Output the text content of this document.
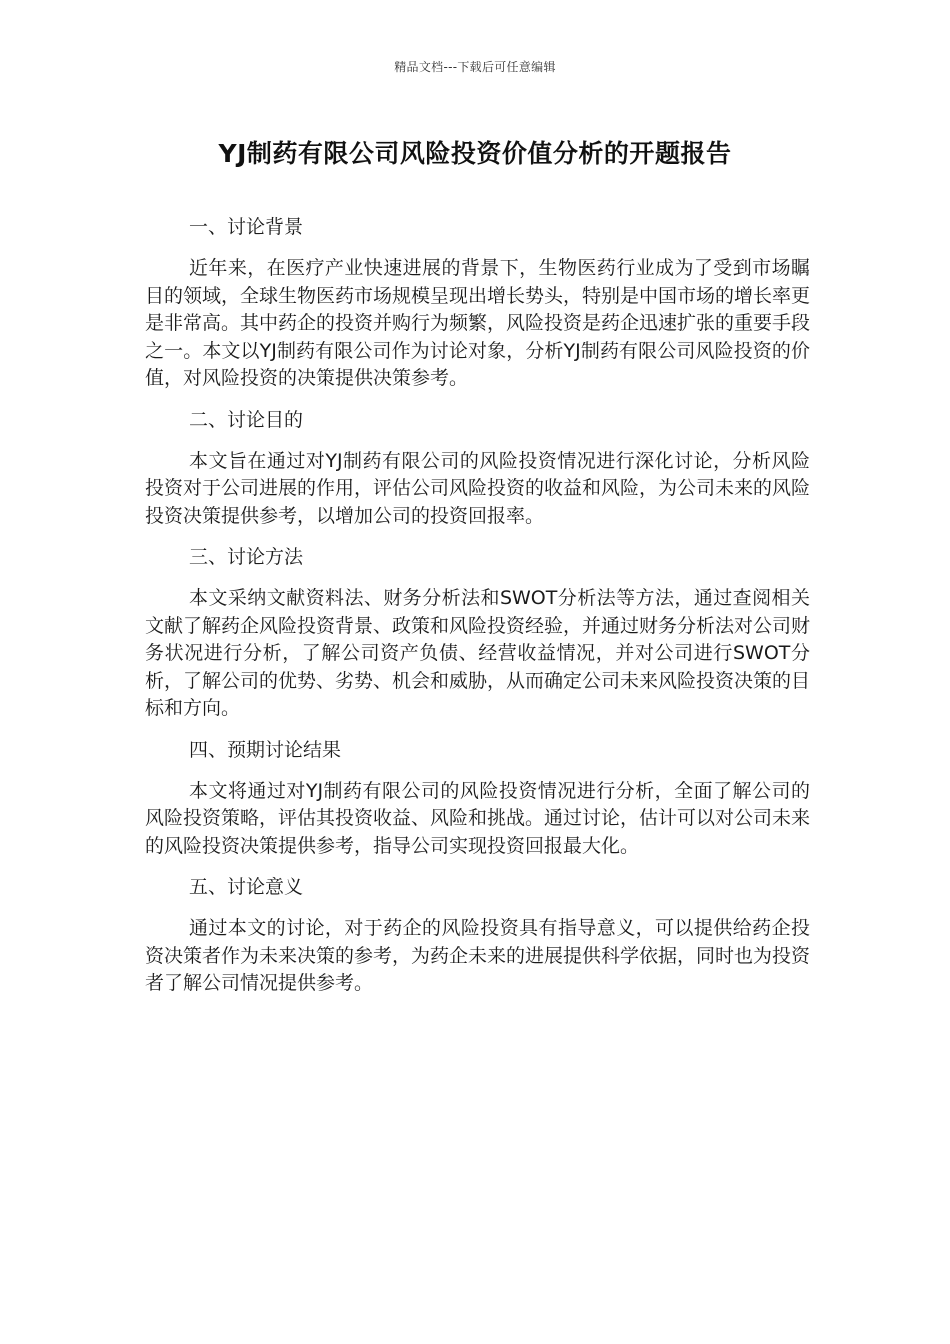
精品文档---下载后可任意编辑
YJ制药有限公司风险投资价值分析的开题报告

一、讨论背景

近年来，在医疗产业快速进展的背景下，生物医药行业成为了受到市场瞩目的领域，全球生物医药市场规模呈现出增长势头，特别是中国市场的增长率更是非常高。其中药企的投资并购行为频繁，风险投资是药企迅速扩张的重要手段之一。本文以YJ制药有限公司作为讨论对象，分析YJ制药有限公司风险投资的价值，对风险投资的决策提供决策参考。

二、讨论目的

本文旨在通过对YJ制药有限公司的风险投资情况进行深化讨论，分析风险投资对于公司进展的作用，评估公司风险投资的收益和风险，为公司未来的风险投资决策提供参考，以增加公司的投资回报率。

三、讨论方法

本文采纳文献资料法、财务分析法和SWOT分析法等方法，通过查阅相关文献了解药企风险投资背景、政策和风险投资经验，并通过财务分析法对公司财务状况进行分析，了解公司资产负债、经营收益情况，并对公司进行SWOT分析，了解公司的优势、劣势、机会和威胁，从而确定公司未来风险投资决策的目标和方向。

四、预期讨论结果

本文将通过对YJ制药有限公司的风险投资情况进行分析，全面了解公司的风险投资策略，评估其投资收益、风险和挑战。通过讨论，估计可以对公司未来的风险投资决策提供参考，指导公司实现投资回报最大化。

五、讨论意义

通过本文的讨论，对于药企的风险投资具有指导意义，可以提供给药企投资决策者作为未来决策的参考，为药企未来的进展提供科学依据，同时也为投资者了解公司情况提供参考。
